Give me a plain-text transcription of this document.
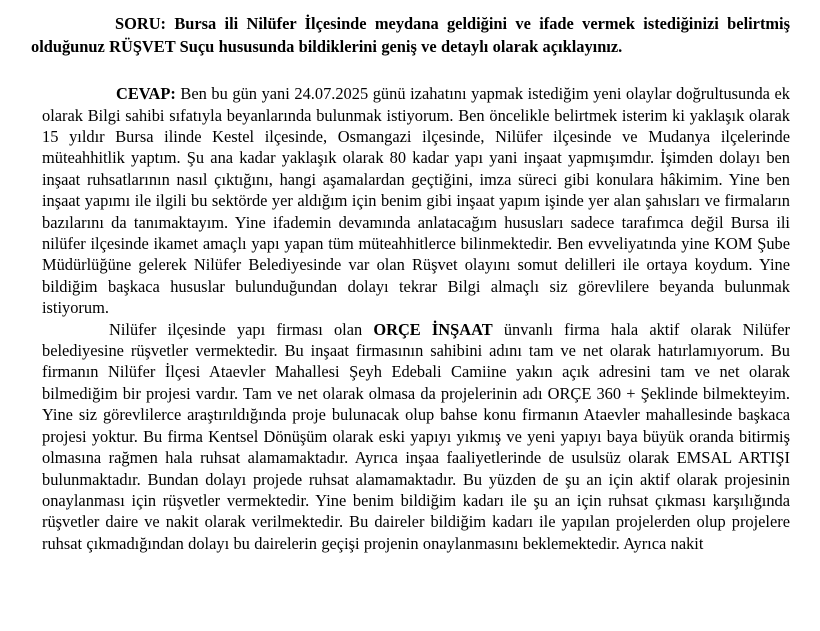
SORU: Bursa ili Nilüfer İlçesinde meydana geldiğini ve ifade vermek istediğinizi belirtmiş olduğunuz RÜŞVET Suçu hususunda bildiklerini geniş ve detaylı olarak açıklayınız.

CEVAP: Ben bu gün yani 24.07.2025 günü izahatını yapmak istediğim yeni olaylar doğrultusunda ek olarak Bilgi sahibi sıfatıyla beyanlarında bulunmak istiyorum. Ben öncelikle belirtmek isterim ki yaklaşık olarak 15 yıldır Bursa ilinde Kestel ilçesinde, Osmangazi ilçesinde, Nilüfer ilçesinde ve Mudanya ilçelerinde müteahhitlik yaptım. Şu ana kadar yaklaşık olarak 80 kadar yapı yani inşaat yapmışımdır. İşimden dolayı ben inşaat ruhsatlarının nasıl çıktığını, hangi aşamalardan geçtiğini, imza süreci gibi konulara hâkimim. Yine ben inşaat yapımı ile ilgili bu sektörde yer aldığım için benim gibi inşaat yapım işinde yer alan şahısları ve firmaların bazılarını da tanımaktayım. Yine ifademin devamında anlatacağım hususları sadece tarafımca değil Bursa ili nilüfer ilçesinde ikamet amaçlı yapı yapan tüm müteahhitlerce bilinmektedir. Ben evveliyatında yine KOM Şube Müdürlüğüne gelerek Nilüfer Belediyesinde var olan Rüşvet olayını somut delilleri ile ortaya koydum. Yine bildiğim başkaca hususlar bulunduğundan dolayı tekrar Bilgi almaçlı siz görevlilere beyanda bulunmak istiyorum.

Nilüfer ilçesinde yapı firması olan ORÇE İNŞAAT ünvanlı firma hala aktif olarak Nilüfer belediyesine rüşvetler vermektedir. Bu inşaat firmasının sahibini adını tam ve net olarak hatırlamıyorum. Bu firmanın Nilüfer İlçesi Ataevler Mahallesi Şeyh Edebali Camiine yakın açık adresini tam ve net olarak bilmediğim bir projesi vardır. Tam ve net olarak olmasa da projelerinin adı ORÇE 360 + Şeklinde bilmekteyim. Yine siz görevlilerce araştırıldığında proje bulunacak olup bahse konu firmanın Ataevler mahallesinde başkaca projesi yoktur. Bu firma Kentsel Dönüşüm olarak eski yapıyı yıkmış ve yeni yapıyı baya büyük oranda bitirmiş olmasına rağmen hala ruhsat alamamaktadır. Ayrıca inşaa faaliyetlerinde de usulsüz olarak EMSAL ARTIŞI bulunmaktadır. Bundan dolayı projede ruhsat alamamaktadır. Bu yüzden de şu an için aktif olarak projesinin onaylanması için rüşvetler vermektedir. Yine benim bildiğim kadarı ile şu an için ruhsat çıkması karşılığında rüşvetler daire ve nakit olarak verilmektedir. Bu daireler bildiğim kadarı ile yapılan projelerden olup projelere ruhsat çıkmadığından dolayı bu dairelerin geçişi projenin onaylanmasını beklemektedir. Ayrıca nakit
